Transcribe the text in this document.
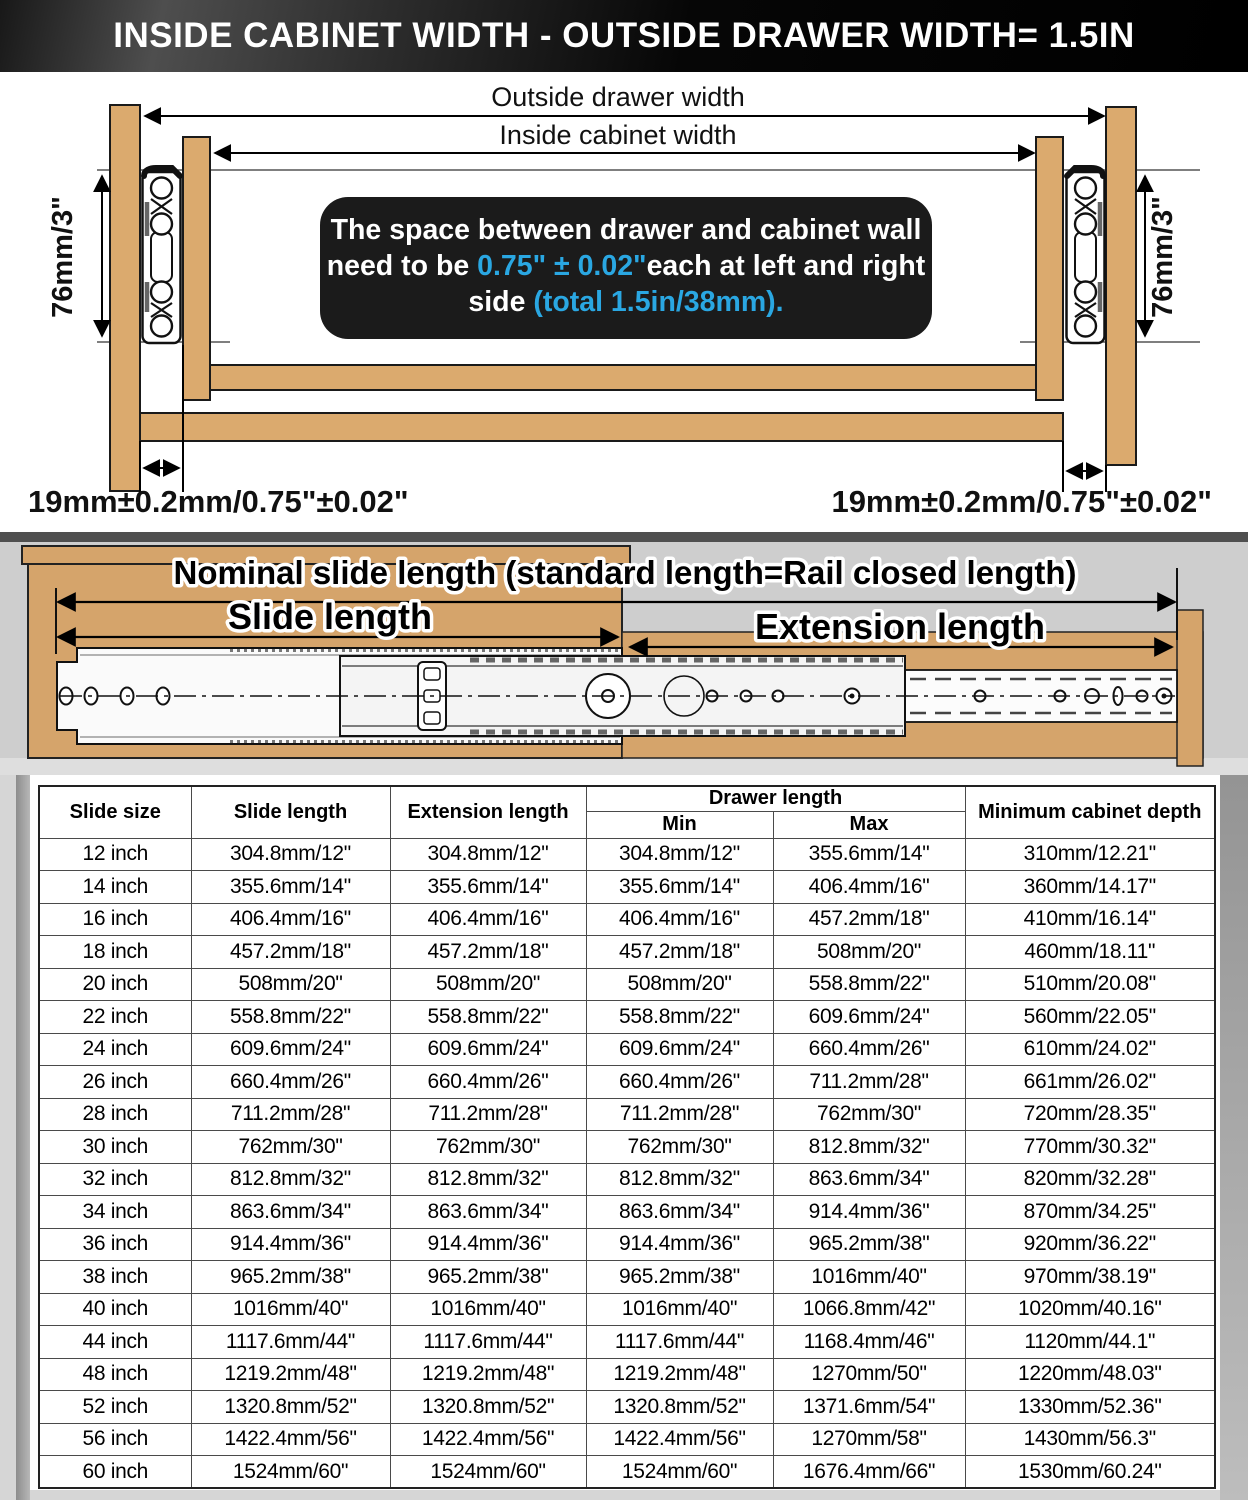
INSIDE CABINET WIDTH - OUTSIDE DRAWER WIDTH= 1.5IN
Outside drawer width
Inside cabinet width
76mm/3"	76mm/3"
The space between drawer and cabinet wall
need to be 0.75" ± 0.02"each at left and right
side (total 1.5in/38mm).
19mm±0.2mm/0.75"±0.02"	19mm±0.2mm/0.75"±0.02"
Nominal slide length (standard length=Rail closed length)
Slide length	Extension length
Slide size	Slide length	Extension length	Drawer length		Minimum cabinet depth
			Min	Max	
12 inch	304.8mm/12"	304.8mm/12"	304.8mm/12"	355.6mm/14"	310mm/12.21"
14 inch	355.6mm/14"	355.6mm/14"	355.6mm/14"	406.4mm/16"	360mm/14.17"
16 inch	406.4mm/16"	406.4mm/16"	406.4mm/16"	457.2mm/18"	410mm/16.14"
18 inch	457.2mm/18"	457.2mm/18"	457.2mm/18"	508mm/20"	460mm/18.11"
20 inch	508mm/20"	508mm/20"	508mm/20"	558.8mm/22"	510mm/20.08"
22 inch	558.8mm/22"	558.8mm/22"	558.8mm/22"	609.6mm/24"	560mm/22.05"
24 inch	609.6mm/24"	609.6mm/24"	609.6mm/24"	660.4mm/26"	610mm/24.02"
26 inch	660.4mm/26"	660.4mm/26"	660.4mm/26"	711.2mm/28"	661mm/26.02"
28 inch	711.2mm/28"	711.2mm/28"	711.2mm/28"	762mm/30"	720mm/28.35"
30 inch	762mm/30"	762mm/30"	762mm/30"	812.8mm/32"	770mm/30.32"
32 inch	812.8mm/32"	812.8mm/32"	812.8mm/32"	863.6mm/34"	820mm/32.28"
34 inch	863.6mm/34"	863.6mm/34"	863.6mm/34"	914.4mm/36"	870mm/34.25"
36 inch	914.4mm/36"	914.4mm/36"	914.4mm/36"	965.2mm/38"	920mm/36.22"
38 inch	965.2mm/38"	965.2mm/38"	965.2mm/38"	1016mm/40"	970mm/38.19"
40 inch	1016mm/40"	1016mm/40"	1016mm/40"	1066.8mm/42"	1020mm/40.16"
44 inch	1117.6mm/44"	1117.6mm/44"	1117.6mm/44"	1168.4mm/46"	1120mm/44.1"
48 inch	1219.2mm/48"	1219.2mm/48"	1219.2mm/48"	1270mm/50"	1220mm/48.03"
52 inch	1320.8mm/52"	1320.8mm/52"	1320.8mm/52"	1371.6mm/54"	1330mm/52.36"
56 inch	1422.4mm/56"	1422.4mm/56"	1422.4mm/56"	1270mm/58"	1430mm/56.3"
60 inch	1524mm/60"	1524mm/60"	1524mm/60"	1676.4mm/66"	1530mm/60.24"
